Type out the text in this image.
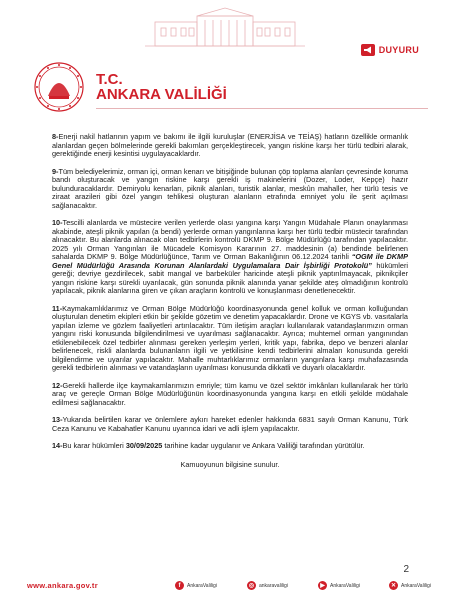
DUYURU
T.C.
ANKARA VALİLİĞİ

8-Enerji nakil hatlarının yapım ve bakımı ile ilgili kuruluşlar (ENERJİSA ve TEİAŞ) hatların özellikle ormanlık alanlardan geçen bölmelerinde gerekli bakımları gerçekleştirecek, yangın riskine karşı her türlü tedbiri alarak, gerektiğinde enerji kesintisi uygulayacaklardır.

9-Tüm belediyelerimiz, orman içi, orman kenarı ve bitişiğinde bulunan çöp toplama alanları çevresinde koruma bandı oluşturacak ve yangın riskine karşı gerekli iş makinelerini (Dozer, Loder, Kepçe) hazır bulunduracaklardır. Demiryolu kenarları, piknik alanları, turistik alanlar, meskûn mahaller, her türlü tesis ve ziraat arazileri gibi özel yangın tehlikesi oluşturan alanların etrafında emniyet yolu ile şerit açılması sağlanacaktır.

10-Tescilli alanlarda ve müstecire verilen yerlerde olası yangına karşı Yangın Müdahale Planın onaylanması akabinde, ateşli piknik yapılan (a bendi) yerlerde orman yangınlarına karşı her türlü tedbir müstecir tarafından alınacaktır. Bu alanlarda alınacak olan tedbirlerin kontrolü DKMP 9. Bölge Müdürlüğü tarafından yapılacaktır. 2025 yılı Orman Yangınları ile Mücadele Komisyon Kararının 27. maddesinin (a) bendinde belirlenen sahalarda DKMP 9. Bölge Müdürlüğünce, Tarım ve Orman Bakanlığının 06.12.2024 tarihli “OGM ile DKMP Genel Müdürlüğü Arasında Korunan Alanlardaki Uygulamalara Dair İşbirliği Protokolü” hükümleri gereği; devriye gezdirilecek, sabit mangal ve barbeküler haricinde ateşli piknik yaptırılmayacak, piknikçiler yangın riskine karşı sürekli uyarılacak, gün sonunda piknik alanında yanar şekilde ateş olmadığının kontrolü yapılacak, piknik alanlarına giren ve çıkan araçların kontrolü ve konuşlanması denetlenecektir.

11-Kaymakamlıklarımız ve Orman Bölge Müdürlüğü koordinasyonunda genel kolluk ve orman kolluğundan oluşturulan denetim ekipleri etkin bir şekilde gözetim ve denetim yapacaklardır. Drone ve KGYS vb. vasıtalarla yapılan izleme ve gözlem faaliyetleri artırılacaktır. Tüm iletişim araçları kullanılarak vatandaşlarımızın orman yangını riski konusunda bilgilendirilmesi ve uyarılması sağlanacaktır. Ayrıca; muhtemel orman yangınından etkilenebilecek özel tedbirler alınması gereken yerleşim yerleri, kritik yapı, fabrika, depo ve benzeri alanlar belirlenecek, riskli alanlarda bulunanların ilgili ve yetkilisine kendi tedbirlerini almaları konusunda gerekli bilgilendirme ve uyarılar yapılacaktır. Mahalle muhtarlıklarımız ormanların yangınlara karşı muhafazasında gerekli tedbirlerin alınması ve vatandaşların uyarılması konusunda dikkatli ve duyarlı olacaklardır.

12-Gerekli hallerde ilçe kaymakamlarımızın emriyle; tüm kamu ve özel sektör imkânları kullanılarak her türlü araç ve gereçle Orman Bölge Müdürlüğünün koordinasyonunda yangına karşı en etkili şekilde müdahale edilmesi sağlanacaktır.

13-Yukarıda belirtilen karar ve önlemlere aykırı hareket edenler hakkında 6831 sayılı Orman Kanunu, Türk Ceza Kanunu ve Kabahatler Kanunu uyarınca idari ve adli işlem yapılacaktır.

14-Bu karar hükümleri 30/09/2025 tarihine kadar uygulanır ve Ankara Valiliği tarafından yürütülür.

Kamuoyunun bilgisine sunulur.

2
www.ankara.gov.tr	f	AnkaraValiligi	◎ ankaravaliligi	▶	AnkaraValiligi	✕ AnkaraValiligi
